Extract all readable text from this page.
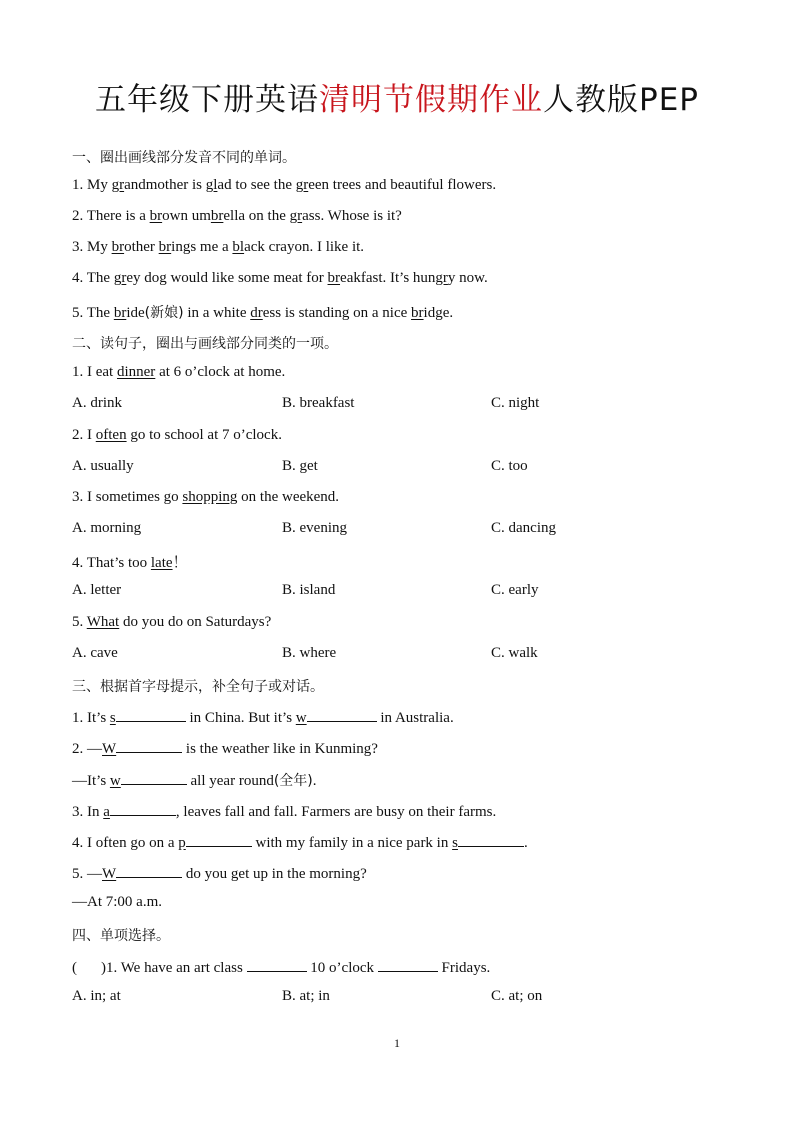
五年级下册英语清明节假期作业人教版PEP
一、圈出画线部分发音不同的单词。
1. My grandmother is glad to see the green trees and beautiful flowers.
2. There is a brown umbrella on the grass. Whose is it?
3. My brother brings me a black crayon. I like it.
4. The grey dog would like some meat for breakfast. It’s hungry now.
5. The bride(新娘) in a white dress is standing on a nice bridge.
二、读句子，圈出与画线部分同类的一项。
1. I eat dinner at 6 o’clock at home.
A. drink	B. breakfast	C. night
2. I often go to school at 7 o’clock.
A. usually	B. get	C. too
3. I sometimes go shopping on the weekend.
A. morning	B. evening	C. dancing
4. That’s too late！
A. letter	B. island	C. early
5. What do you do on Saturdays?
A. cave	B. where	C. walk
三、根据首字母提示，补全句子或对话。
1. It’s s	in China. But it’s w	in Australia.
2. —W	is the weather like in Kunming?
—It’s w	all year round(全年).
3. In a	, leaves fall and fall. Farmers are busy on their farms.
4. I often go on a p	with my family in a nice park in s	.
5. —W	do you get up in the morning?
—At 7:00 a.m.
四、单项选择。
( )1. We have an art class	10 o’clock	Fridays.
A. in; at	B. at; in	C. at; on
1
